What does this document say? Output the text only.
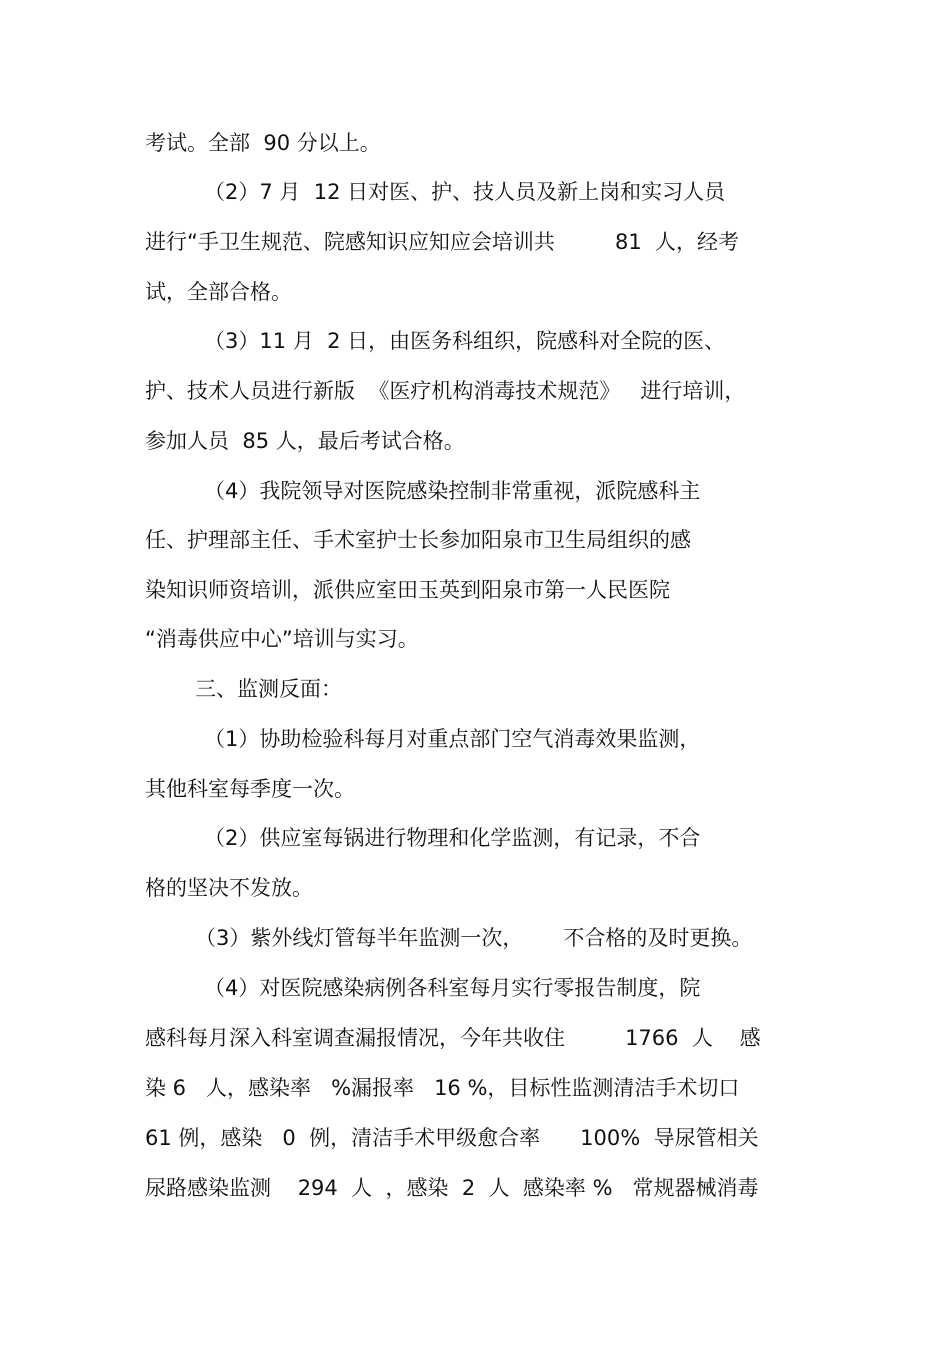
考试。全部  90 分以上。
（2）7 月  12 日对医、护、技人员及新上岗和实习人员
进行“手卫生规范、院感知识应知应会培训共         81  人，经考
试，全部合格。
（3）11 月  2 日，由医务科组织，院感科对全院的医、
护、技术人员进行新版  《医疗机构消毒技术规范》   进行培训，
参加人员  85 人，最后考试合格。
（4）我院领导对医院感染控制非常重视，派院感科主
任、护理部主任、手术室护士长参加阳泉市卫生局组织的感
染知识师资培训，派供应室田玉英到阳泉市第一人民医院
“消毒供应中心”培训与实习。
三、监测反面：
（1）协助检验科每月对重点部门空气消毒效果监测，
其他科室每季度一次。
（2）供应室每锅进行物理和化学监测，有记录，不合
格的坚决不发放。
（3）紫外线灯管每半年监测一次，      不合格的及时更换。
（4）对医院感染病例各科室每月实行零报告制度，院
感科每月深入科室调查漏报情况，今年共收住         1766  人    感
染 6   人，感染率   %漏报率   16 %，目标性监测清洁手术切口
61 例，感染   0  例，清洁手术甲级愈合率      100%  导尿管相关
尿路感染监测    294  人  ，感染  2  人  感染率 %   常规器械消毒
